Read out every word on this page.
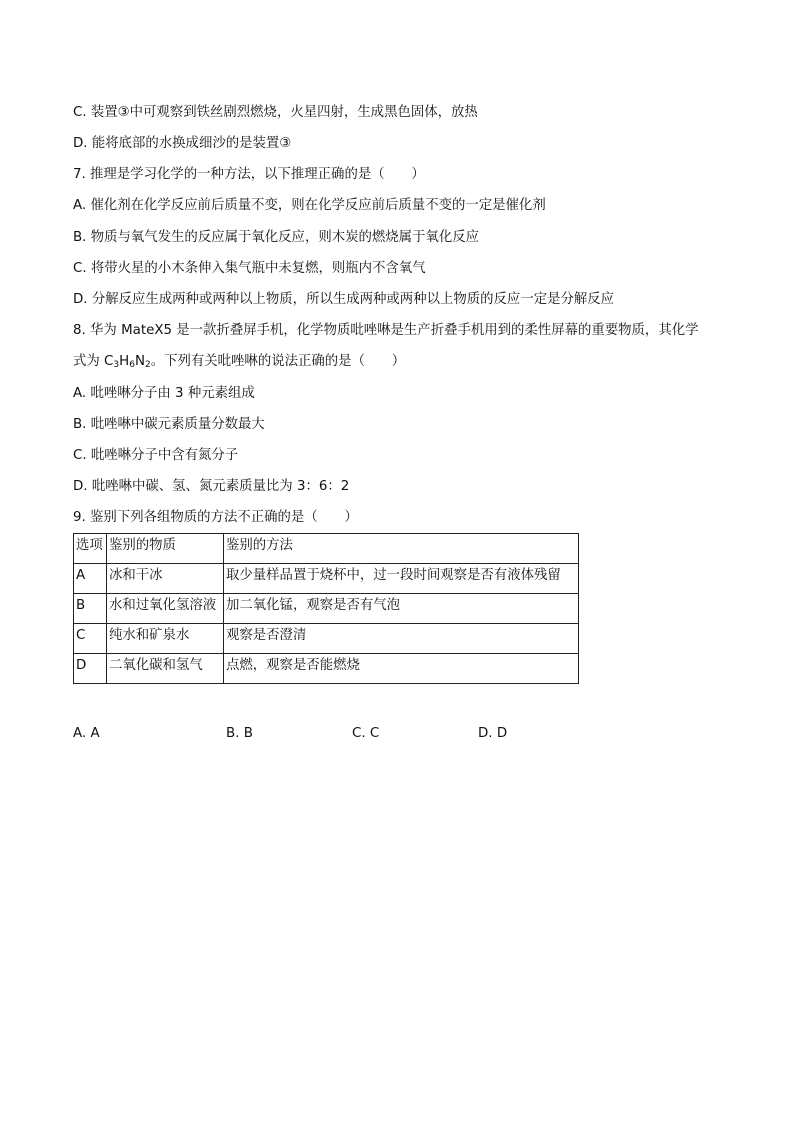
C. 装置③中可观察到铁丝剧烈燃烧，火星四射，生成黑色固体，放热
D. 能将底部的水换成细沙的是装置③
7. 推理是学习化学的一种方法，以下推理正确的是（　　）
A. 催化剂在化学反应前后质量不变，则在化学反应前后质量不变的一定是催化剂
B. 物质与氧气发生的反应属于氧化反应，则木炭的燃烧属于氧化反应
C. 将带火星的小木条伸入集气瓶中未复燃，则瓶内不含氧气
D. 分解反应生成两种或两种以上物质，所以生成两种或两种以上物质的反应一定是分解反应
8. 华为 MateX5 是一款折叠屏手机，化学物质吡唑啉是生产折叠手机用到的柔性屏幕的重要物质，其化学
式为 $C_3H_6N_2$。下列有关吡唑啉的说法正确的是（　　）
A. 吡唑啉分子由 3 种元素组成
B. 吡唑啉中碳元素质量分数最大
C. 吡唑啉分子中含有氮分子
D. 吡唑啉中碳、氢、氮元素质量比为 3：6：2
9. 鉴别下列各组物质的方法不正确的是（　　）
选项	鉴别的物质	鉴别的方法
A	冰和干冰	取少量样品置于烧杯中，过一段时间观察是否有液体残留
B	水和过氧化氢溶液	加二氧化锰，观察是否有气泡
C	纯水和矿泉水	观察是否澄清
D	二氧化碳和氢气	点燃，观察是否能燃烧
A. A	B. B	C. C	D. D
